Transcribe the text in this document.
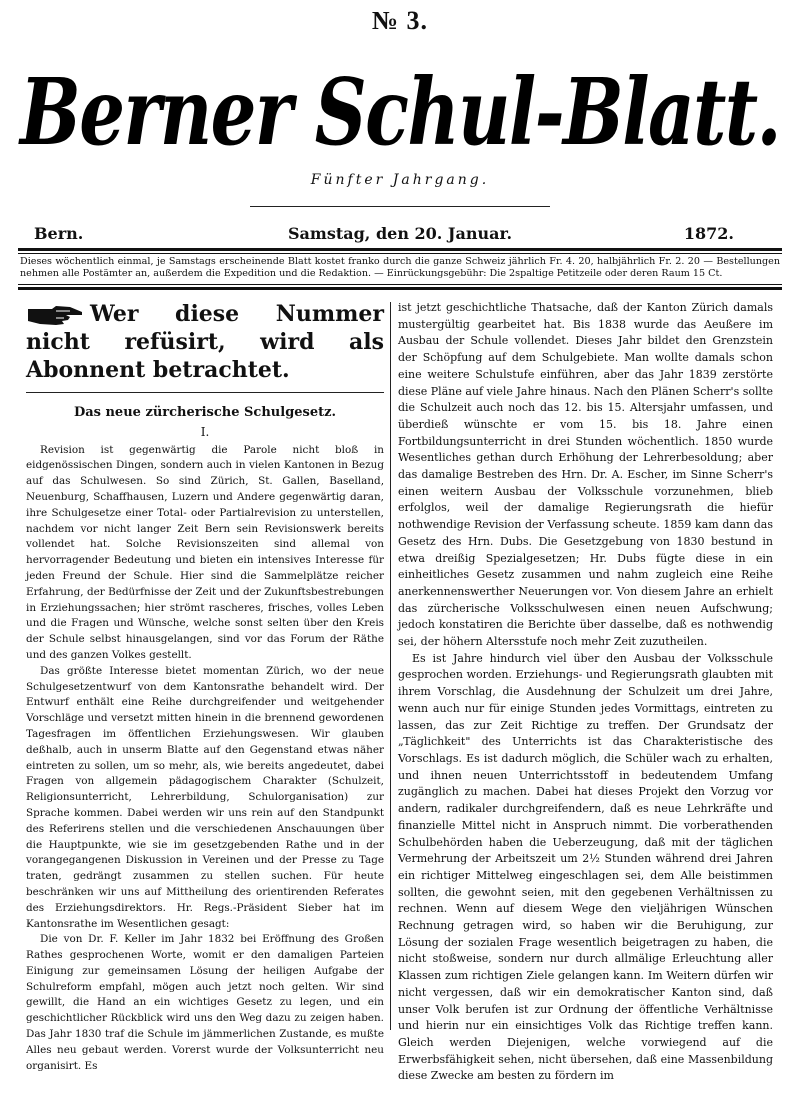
№ 3.
Berner Schul-Blatt.
Fünfter Jahrgang.
Bern.	Samstag, den 20. Januar.	1872.
Dieses wöchentlich einmal, je Samstags erscheinende Blatt kostet franko durch die ganze Schweiz jährlich Fr. 4. 20, halbjährlich Fr. 2. 20 — Bestellungen nehmen alle Postämter an, außerdem die Expedition und die Redaktion. — Einrückungsgebühr: Die 2spaltige Petitzeile oder deren Raum 15 Ct.
Wer diese Nummer nicht refüsirt, wird als Abonnent betrachtet.
Das neue zürcherische Schulgesetz.
I.

Revision ist gegenwärtig die Parole nicht bloß in eidgenössischen Dingen, sondern auch in vielen Kantonen in Bezug auf das Schulwesen. So sind Zürich, St. Gallen, Baselland, Neuenburg, Schaffhausen, Luzern und Andere gegenwärtig daran, ihre Schulgesetze einer Total- oder Partialrevision zu unterstellen, nachdem vor nicht langer Zeit Bern sein Revisionswerk bereits vollendet hat. Solche Revisionszeiten sind allemal von hervorragender Bedeutung und bieten ein intensives Interesse für jeden Freund der Schule. Hier sind die Sammelplätze reicher Erfahrung, der Bedürfnisse der Zeit und der Zukunftsbestrebungen in Erziehungssachen; hier strömt rascheres, frisches, volles Leben und die Fragen und Wünsche, welche sonst selten über den Kreis der Schule selbst hinausgelangen, sind vor das Forum der Räthe und des ganzen Volkes gestellt.

Das größte Interesse bietet momentan Zürich, wo der neue Schulgesetzentwurf von dem Kantonsrathe behandelt wird. Der Entwurf enthält eine Reihe durchgreifender und weitgehender Vorschläge und versetzt mitten hinein in die brennend gewordenen Tagesfragen im öffentlichen Erziehungswesen. Wir glauben deßhalb, auch in unserm Blatte auf den Gegenstand etwas näher eintreten zu sollen, um so mehr, als, wie bereits angedeutet, dabei Fragen von allgemein pädagogischem Charakter (Schulzeit, Religionsunterricht, Lehrerbildung, Schulorganisation) zur Sprache kommen. Dabei werden wir uns rein auf den Standpunkt des Referirens stellen und die verschiedenen Anschauungen über die Hauptpunkte, wie sie im gesetzgebenden Rathe und in der vorangegangenen Diskussion in Vereinen und der Presse zu Tage traten, gedrängt zusammen zu stellen suchen. Für heute beschränken wir uns auf Mittheilung des orientirenden Referates des Erziehungsdirektors. Hr. Regs.-Präsident Sieber hat im Kantonsrathe im Wesentlichen gesagt:

Die von Dr. F. Keller im Jahr 1832 bei Eröffnung des Großen Rathes gesprochenen Worte, womit er den damaligen Parteien Einigung zur gemeinsamen Lösung der heiligen Aufgabe der Schulreform empfahl, mögen auch jetzt noch gelten. Wir sind gewillt, die Hand an ein wichtiges Gesetz zu legen, und ein geschichtlicher Rückblick wird uns den Weg dazu zu zeigen haben. Das Jahr 1830 traf die Schule im jämmerlichen Zustande, es mußte Alles neu gebaut werden. Vorerst wurde der Volksunterricht neu organisirt. Es

ist jetzt geschichtliche Thatsache, daß der Kanton Zürich damals mustergültig gearbeitet hat. Bis 1838 wurde das Aeußere im Ausbau der Schule vollendet. Dieses Jahr bildet den Grenzstein der Schöpfung auf dem Schulgebiete. Man wollte damals schon eine weitere Schulstufe einführen, aber das Jahr 1839 zerstörte diese Pläne auf viele Jahre hinaus. Nach den Plänen Scherr's sollte die Schulzeit auch noch das 12. bis 15. Altersjahr umfassen, und überdieß wünschte er vom 15. bis 18. Jahre einen Fortbildungsunterricht in drei Stunden wöchentlich. 1850 wurde Wesentliches gethan durch Erhöhung der Lehrerbesoldung; aber das damalige Bestreben des Hrn. Dr. A. Escher, im Sinne Scherr's einen weitern Ausbau der Volksschule vorzunehmen, blieb erfolglos, weil der damalige Regierungsrath die hiefür nothwendige Revision der Verfassung scheute. 1859 kam dann das Gesetz des Hrn. Dubs. Die Gesetzgebung von 1830 bestund in etwa dreißig Spezialgesetzen; Hr. Dubs fügte diese in ein einheitliches Gesetz zusammen und nahm zugleich eine Reihe anerkennenswerther Neuerungen vor. Von diesem Jahre an erhielt das zürcherische Volksschulwesen einen neuen Aufschwung; jedoch konstatiren die Berichte über dasselbe, daß es nothwendig sei, der höhern Altersstufe noch mehr Zeit zuzutheilen.

Es ist Jahre hindurch viel über den Ausbau der Volksschule gesprochen worden. Erziehungs- und Regierungsrath glaubten mit ihrem Vorschlag, die Ausdehnung der Schulzeit um drei Jahre, wenn auch nur für einige Stunden jedes Vormittags, eintreten zu lassen, das zur Zeit Richtige zu treffen. Der Grundsatz der „Täglichkeit" des Unterrichts ist das Charakteristische des Vorschlags. Es ist dadurch möglich, die Schüler wach zu erhalten, und ihnen neuen Unterrichtsstoff in bedeutendem Umfang zugänglich zu machen. Dabei hat dieses Projekt den Vorzug vor andern, radikaler durchgreifendern, daß es neue Lehrkräfte und finanzielle Mittel nicht in Anspruch nimmt. Die vorberathenden Schulbehörden haben die Ueberzeugung, daß mit der täglichen Vermehrung der Arbeitszeit um 2½ Stunden während drei Jahren ein richtiger Mittelweg eingeschlagen sei, dem Alle beistimmen sollten, die gewohnt seien, mit den gegebenen Verhältnissen zu rechnen. Wenn auf diesem Wege den vieljährigen Wünschen Rechnung getragen wird, so haben wir die Beruhigung, zur Lösung der sozialen Frage wesentlich beigetragen zu haben, die nicht stoßweise, sondern nur durch allmälige Erleuchtung aller Klassen zum richtigen Ziele gelangen kann. Im Weitern dürfen wir nicht vergessen, daß wir ein demokratischer Kanton sind, daß unser Volk berufen ist zur Ordnung der öffentliche Verhältnisse und hierin nur ein einsichtiges Volk das Richtige treffen kann. Gleich werden Diejenigen, welche vorwiegend auf die Erwerbsfähigkeit sehen, nicht übersehen, daß eine Massenbildung diese Zwecke am besten zu fördern im
